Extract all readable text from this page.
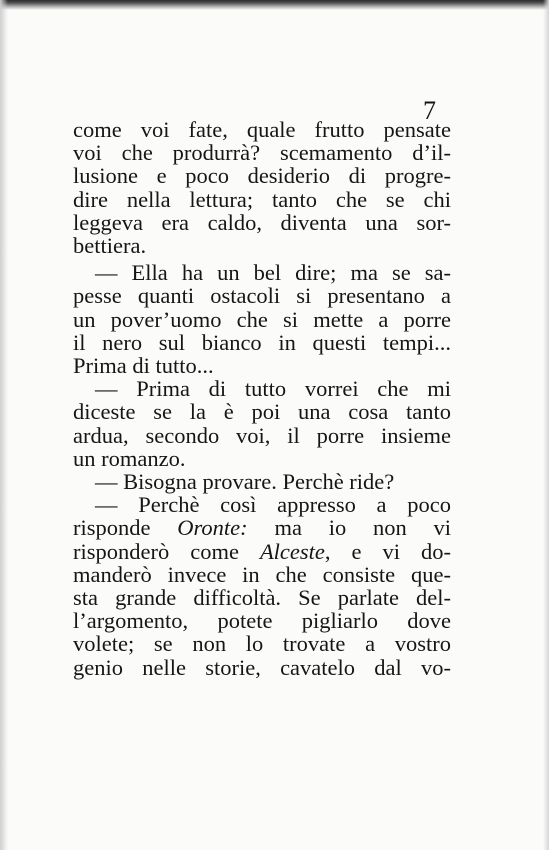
7

come voi fate, quale frutto pensate
voi che produrrà? scemamento d’il-
lusione e poco desiderio di progre-
dire nella lettura; tanto che se chi
leggeva era caldo, diventa una sor-
bettiera.
— Ella ha un bel dire; ma se sa-
pesse quanti ostacoli si presentano a
un pover’uomo che si mette a porre
il nero sul bianco in questi tempi...
Prima di tutto...
— Prima di tutto vorrei che mi
diceste se la è poi una cosa tanto
ardua, secondo voi, il porre insieme
un romanzo.
— Bisogna provare. Perchè ride?
— Perchè così appresso a poco
risponde Oronte: ma io non vi
risponderò come Alceste, e vi do-
manderò invece in che consiste que-
sta grande difficoltà. Se parlate del-
l’argomento, potete pigliarlo dove
volete; se non lo trovate a vostro
genio nelle storie, cavatelo dal vo-
